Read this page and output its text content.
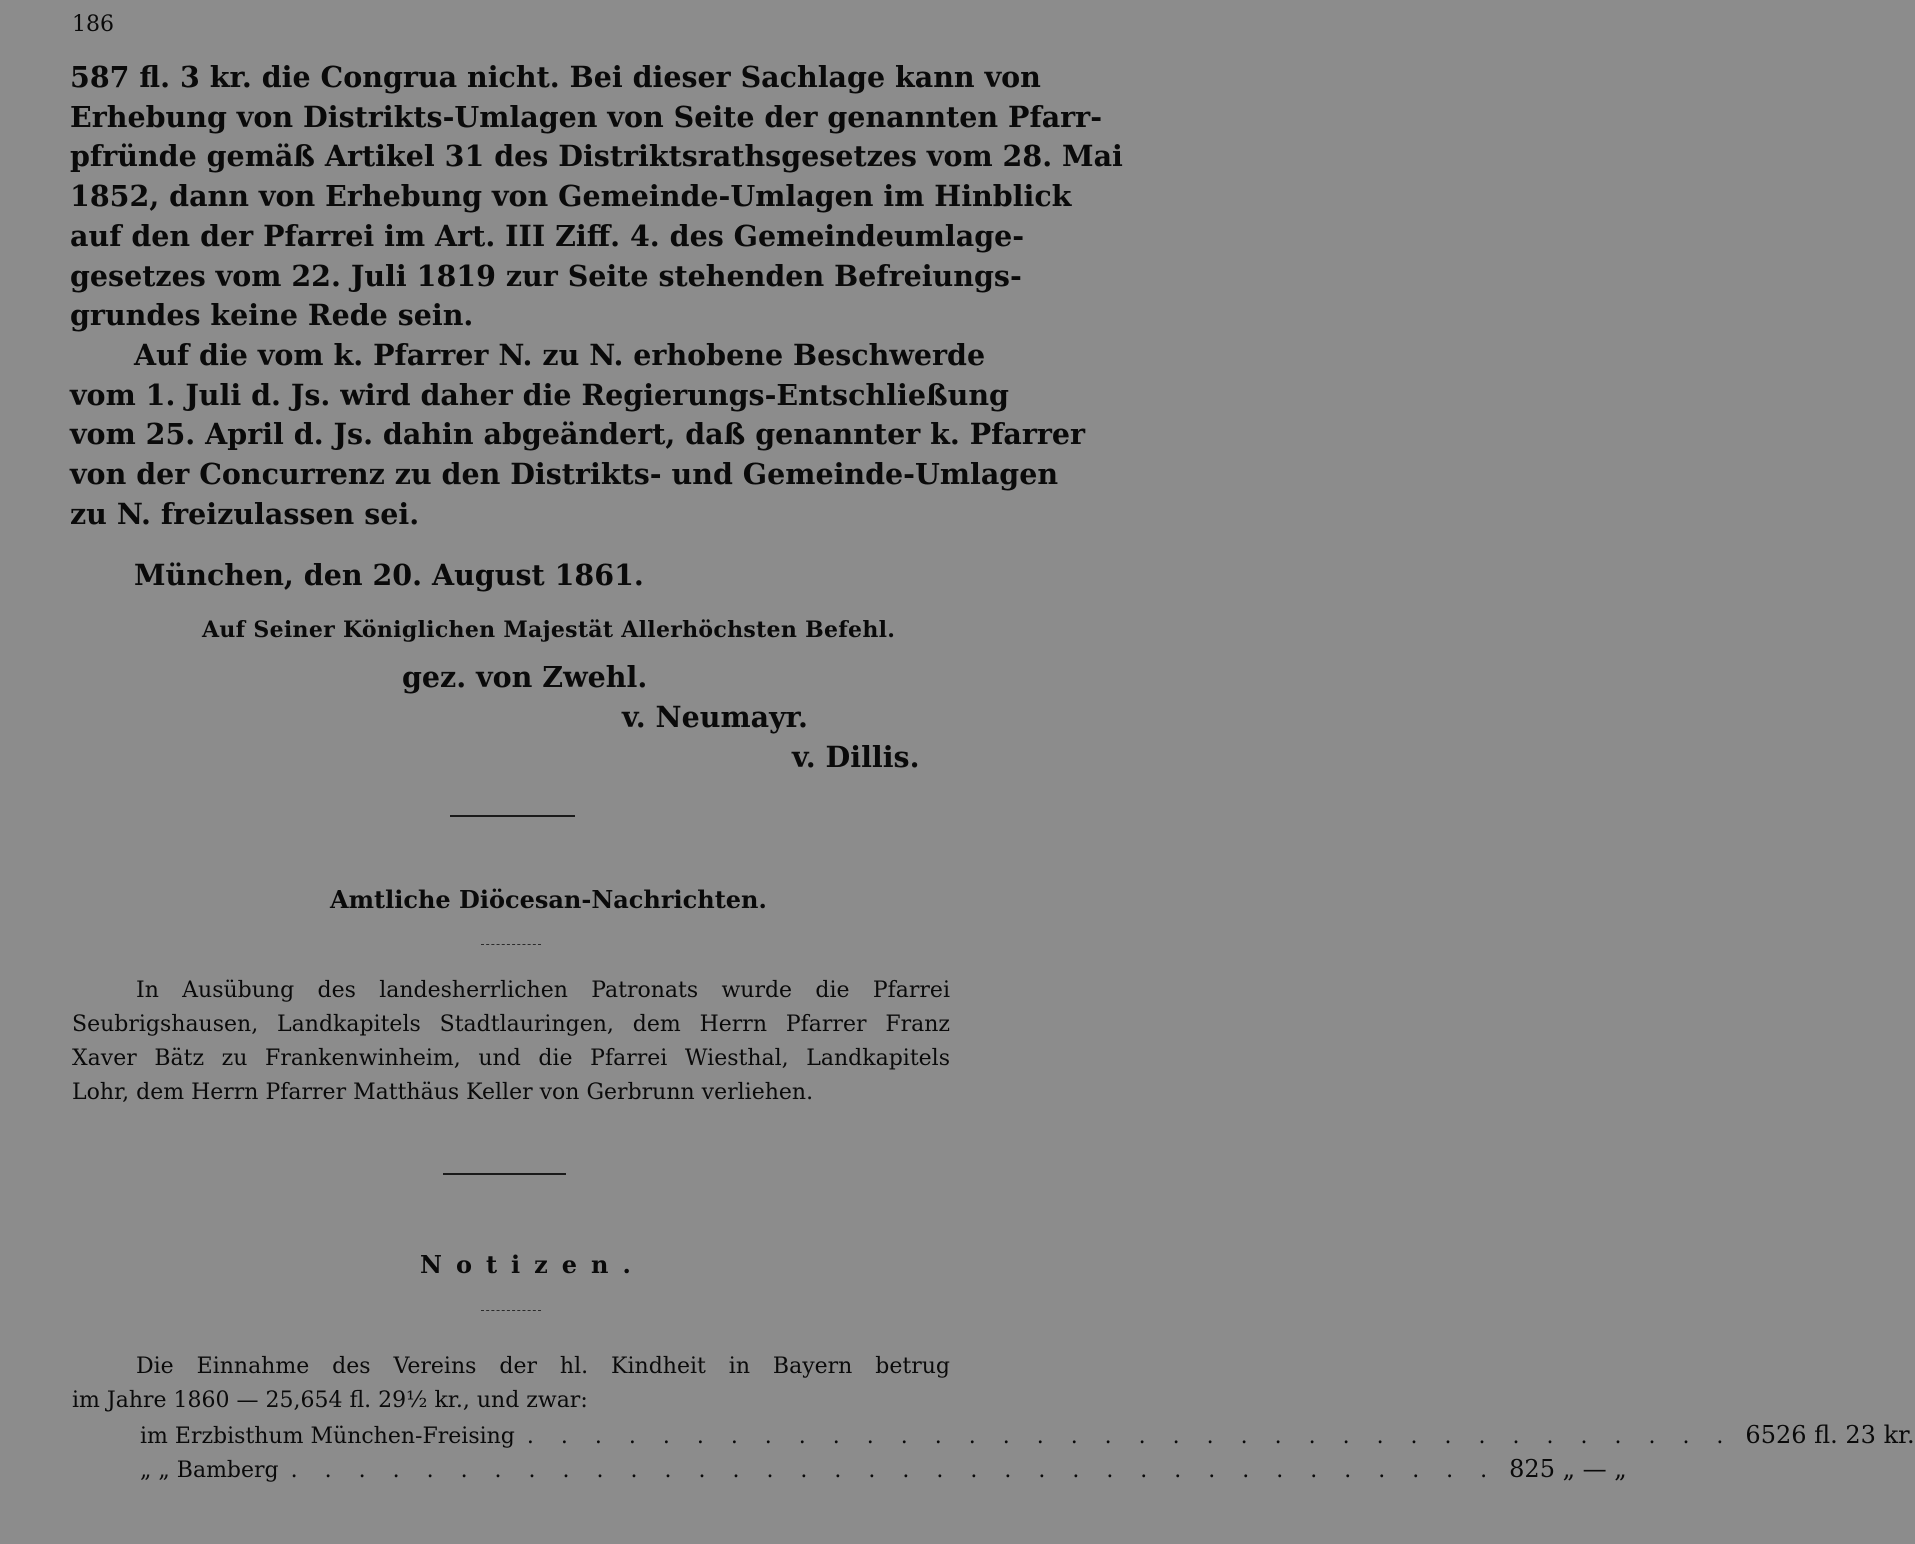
186

587 fl. 3 kr. die Congrua nicht. Bei dieser Sachlage kann von
Erhebung von Distrikts-Umlagen von Seite der genannten Pfarr-
pfründe gemäß Artikel 31 des Distriktsrathsgesetzes vom 28. Mai
1852, dann von Erhebung von Gemeinde-Umlagen im Hinblick
auf den der Pfarrei im Art. III Ziff. 4. des Gemeindeumlage-
gesetzes vom 22. Juli 1819 zur Seite stehenden Befreiungs-
grundes keine Rede sein.

Auf die vom k. Pfarrer N. zu N. erhobene Beschwerde
vom 1. Juli d. Js. wird daher die Regierungs-Entschließung
vom 25. April d. Js. dahin abgeändert, daß genannter k. Pfarrer
von der Concurrenz zu den Distrikts- und Gemeinde-Umlagen
zu N. freizulassen sei.

München, den 20. August 1861.
Auf Seiner Königlichen Majestät Allerhöchsten Befehl.
gez. von Zwehl.
v. Neumayr.
v. Dillis.
Amtliche Diöcesan-Nachrichten.
In Ausübung des landesherrlichen Patronats wurde die Pfarrei
Seubrigshausen, Landkapitels Stadtlauringen, dem Herrn Pfarrer Franz
Xaver Bätz zu Frankenwinheim, und die Pfarrei Wiesthal, Landkapitels
Lohr, dem Herrn Pfarrer Matthäus Keller von Gerbrunn verliehen.
Notizen.
Die Einnahme des Vereins der hl. Kindheit in Bayern betrug
im Jahre 1860 — 25,654 fl. 29½ kr., und zwar:
im Erzbisthum München-Freising . . . . . . . . . . . . . . . . . . . . . . . . . . . . . . . . . . . . 6526 fl. 23 kr.
„ „ Bamberg . . . . . . . . . . . . . . . . . . . . . . . . . . . . . . . . . . . . 825 „ — „
